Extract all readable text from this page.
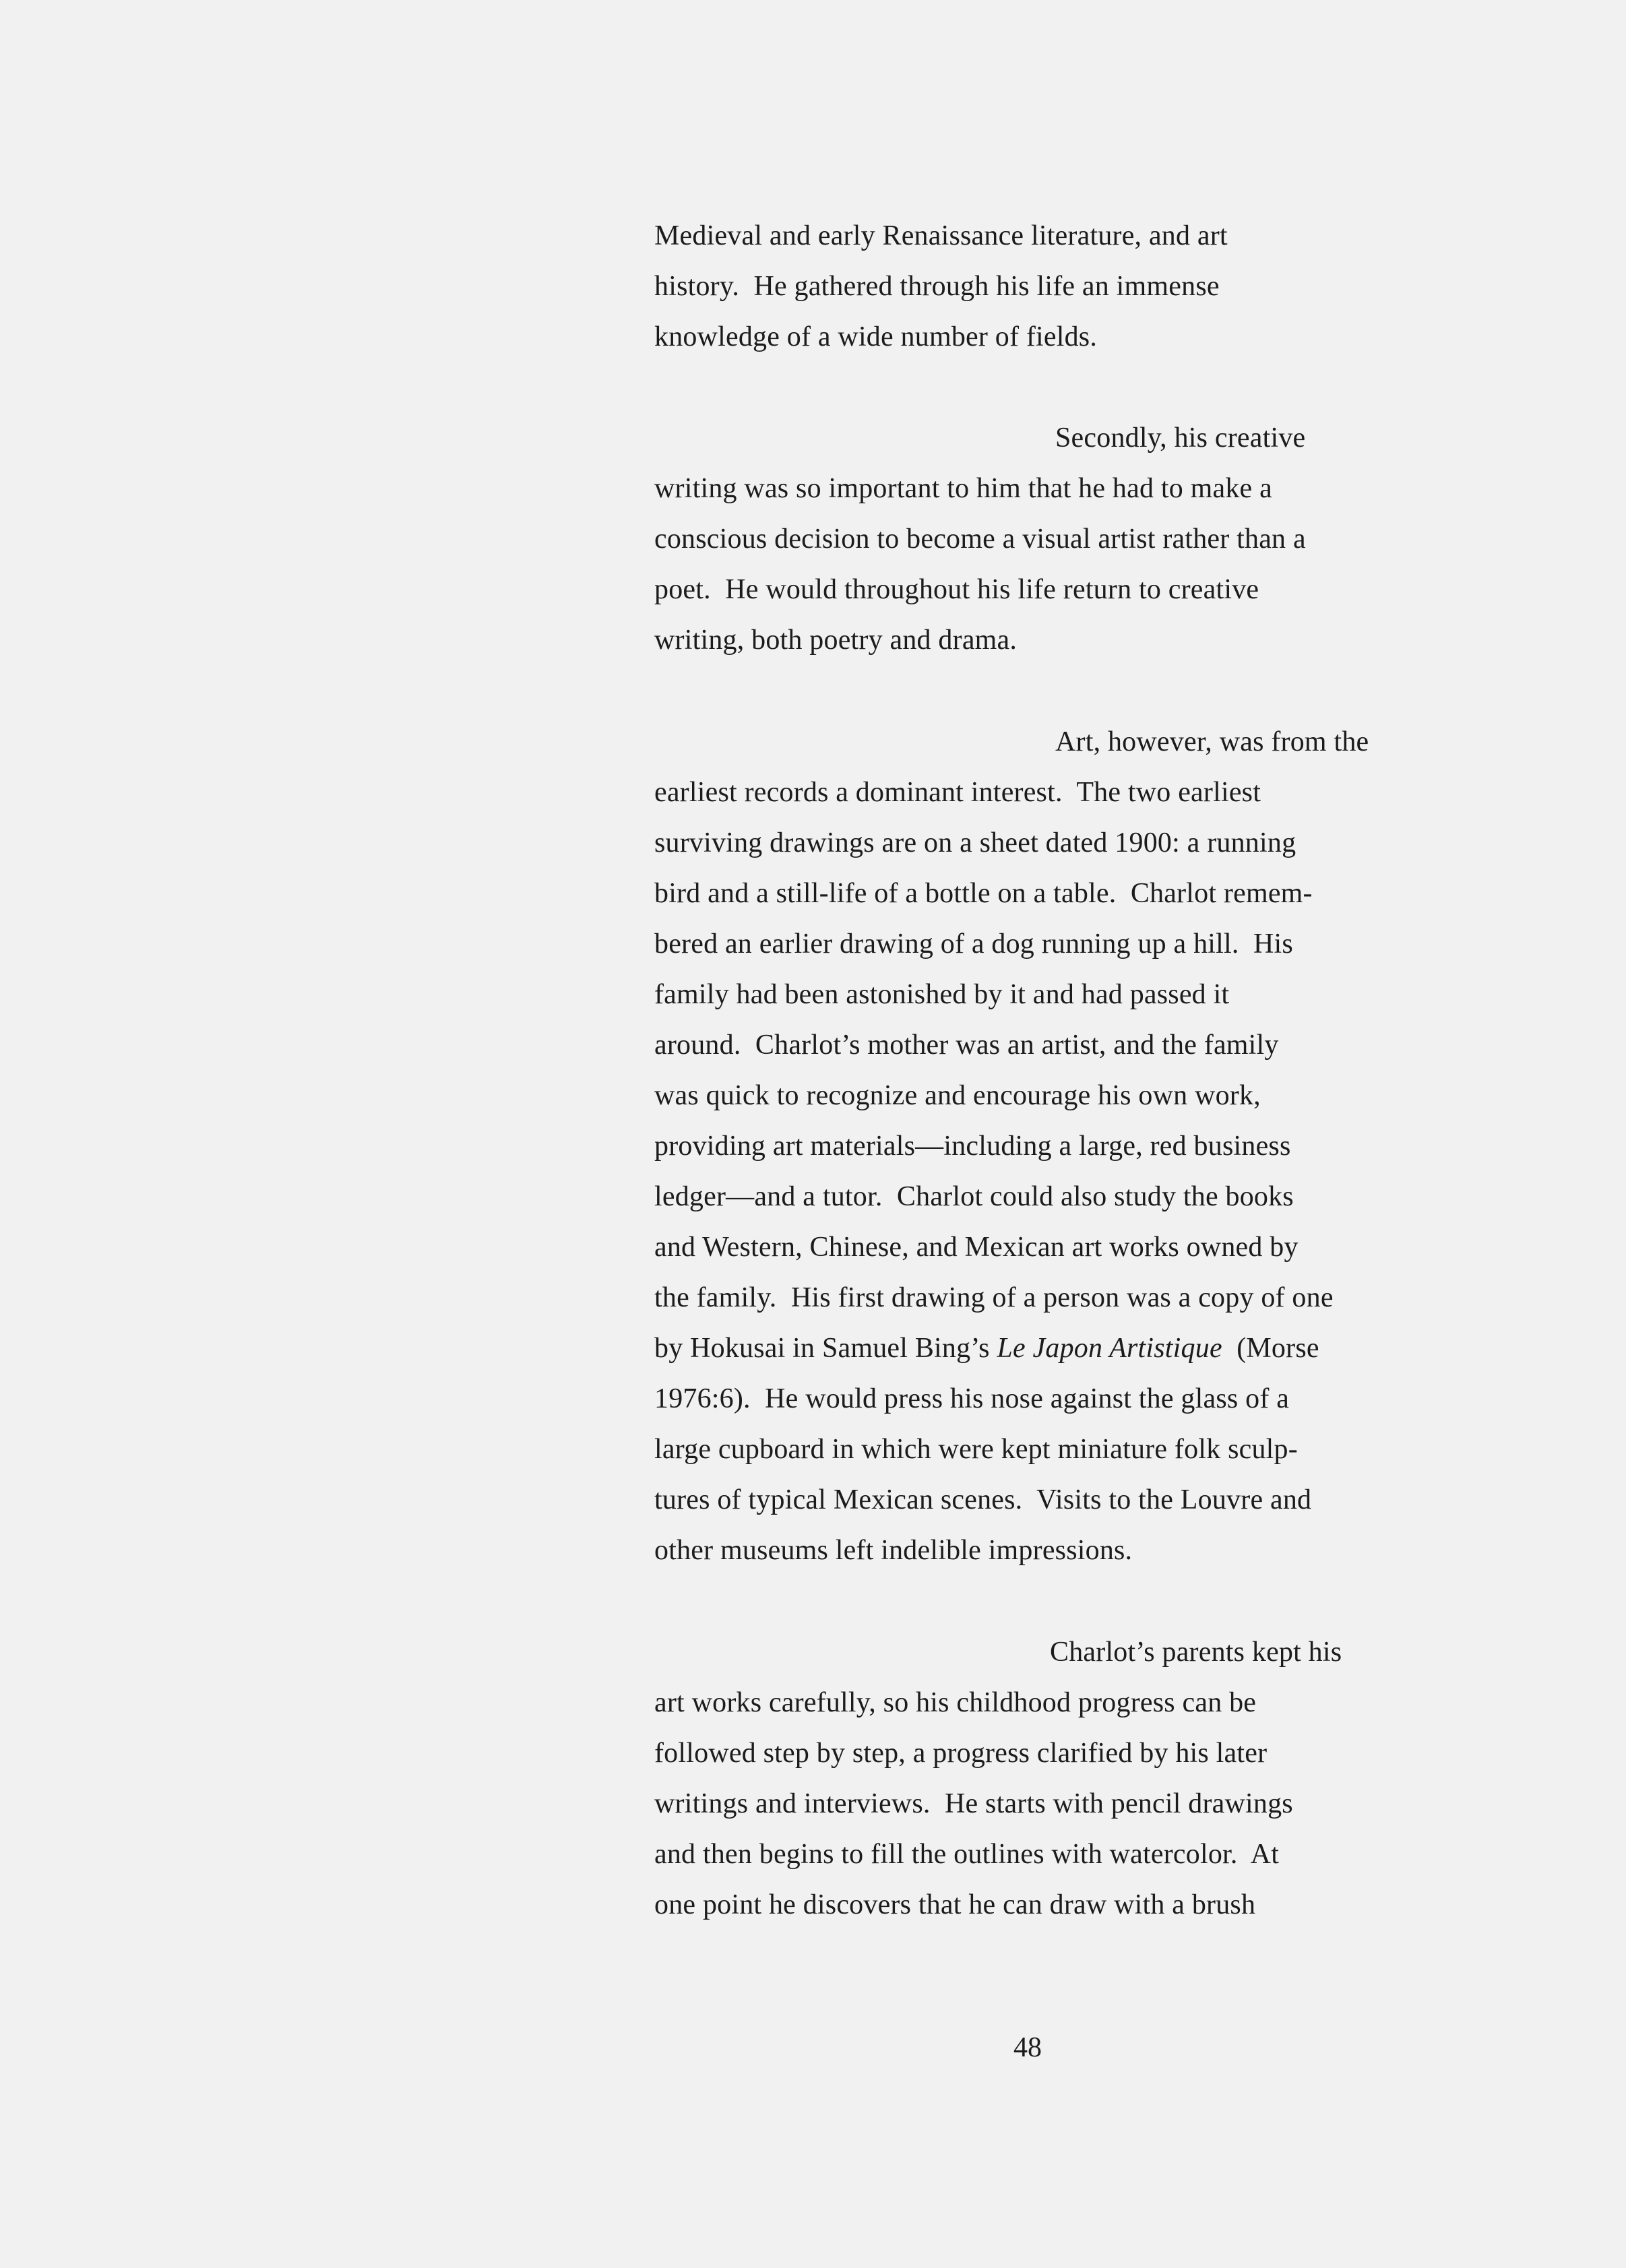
Medieval and early Renaissance literature, and art
history.  He gathered through his life an immense
knowledge of a wide number of fields.
Secondly, his creative
writing was so important to him that he had to make a
conscious decision to become a visual artist rather than a
poet.  He would throughout his life return to creative
writing, both poetry and drama.
Art, however, was from the
earliest records a dominant interest.  The two earliest
surviving drawings are on a sheet dated 1900: a running
bird and a still-life of a bottle on a table.  Charlot remem-
bered an earlier drawing of a dog running up a hill.  His
family had been astonished by it and had passed it
around.  Charlot’s mother was an artist, and the family
was quick to recognize and encourage his own work,
providing art materials—including a large, red business
ledger—and a tutor.  Charlot could also study the books
and Western, Chinese, and Mexican art works owned by
the family.  His first drawing of a person was a copy of one
by Hokusai in Samuel Bing’s Le Japon Artistique  (Morse
1976:6).  He would press his nose against the glass of a
large cupboard in which were kept miniature folk sculp-
tures of typical Mexican scenes.  Visits to the Louvre and
other museums left indelible impressions.
Charlot’s parents kept his
art works carefully, so his childhood progress can be
followed step by step, a progress clarified by his later
writings and interviews.  He starts with pencil drawings
and then begins to fill the outlines with watercolor.  At
one point he discovers that he can draw with a brush
48
